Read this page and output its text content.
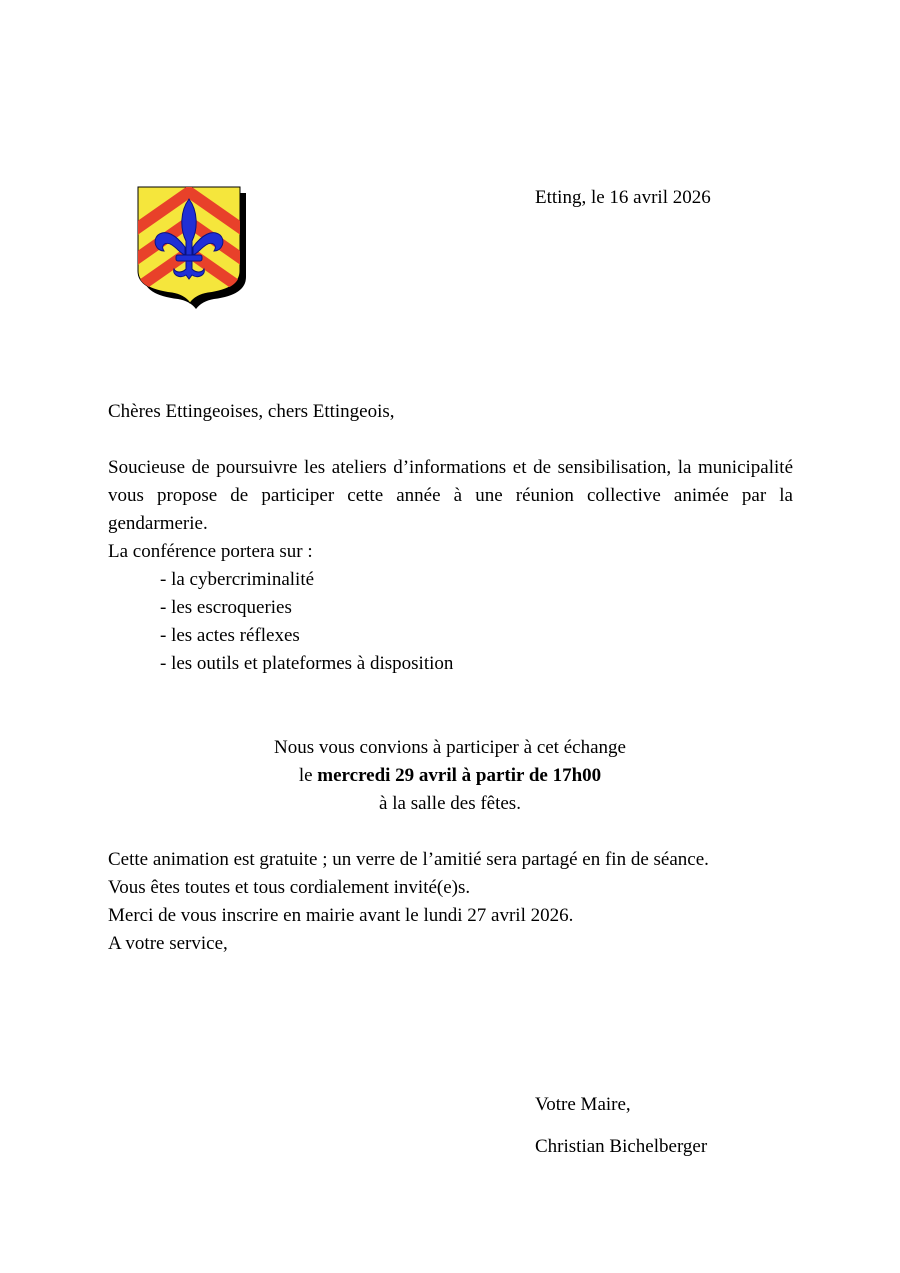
Etting, le 16 avril 2026
Chères Ettingeoises, chers Ettingeois,
Soucieuse de poursuivre les ateliers d’informations et de sensibilisation, la municipalité vous propose de participer cette année à une réunion collective animée par la gendarmerie.
La conférence portera sur :
- la cybercriminalité
- les escroqueries
- les actes réflexes
- les outils et plateformes à disposition
Nous vous convions à participer à cet échange
le mercredi 29 avril à partir de 17h00
à la salle des fêtes.
Cette animation est gratuite ; un verre de l’amitié sera partagé en fin de séance.
Vous êtes toutes et tous cordialement invité(e)s.
Merci de vous inscrire en mairie avant le lundi 27 avril 2026.
A votre service,
Votre Maire,
Christian Bichelberger
